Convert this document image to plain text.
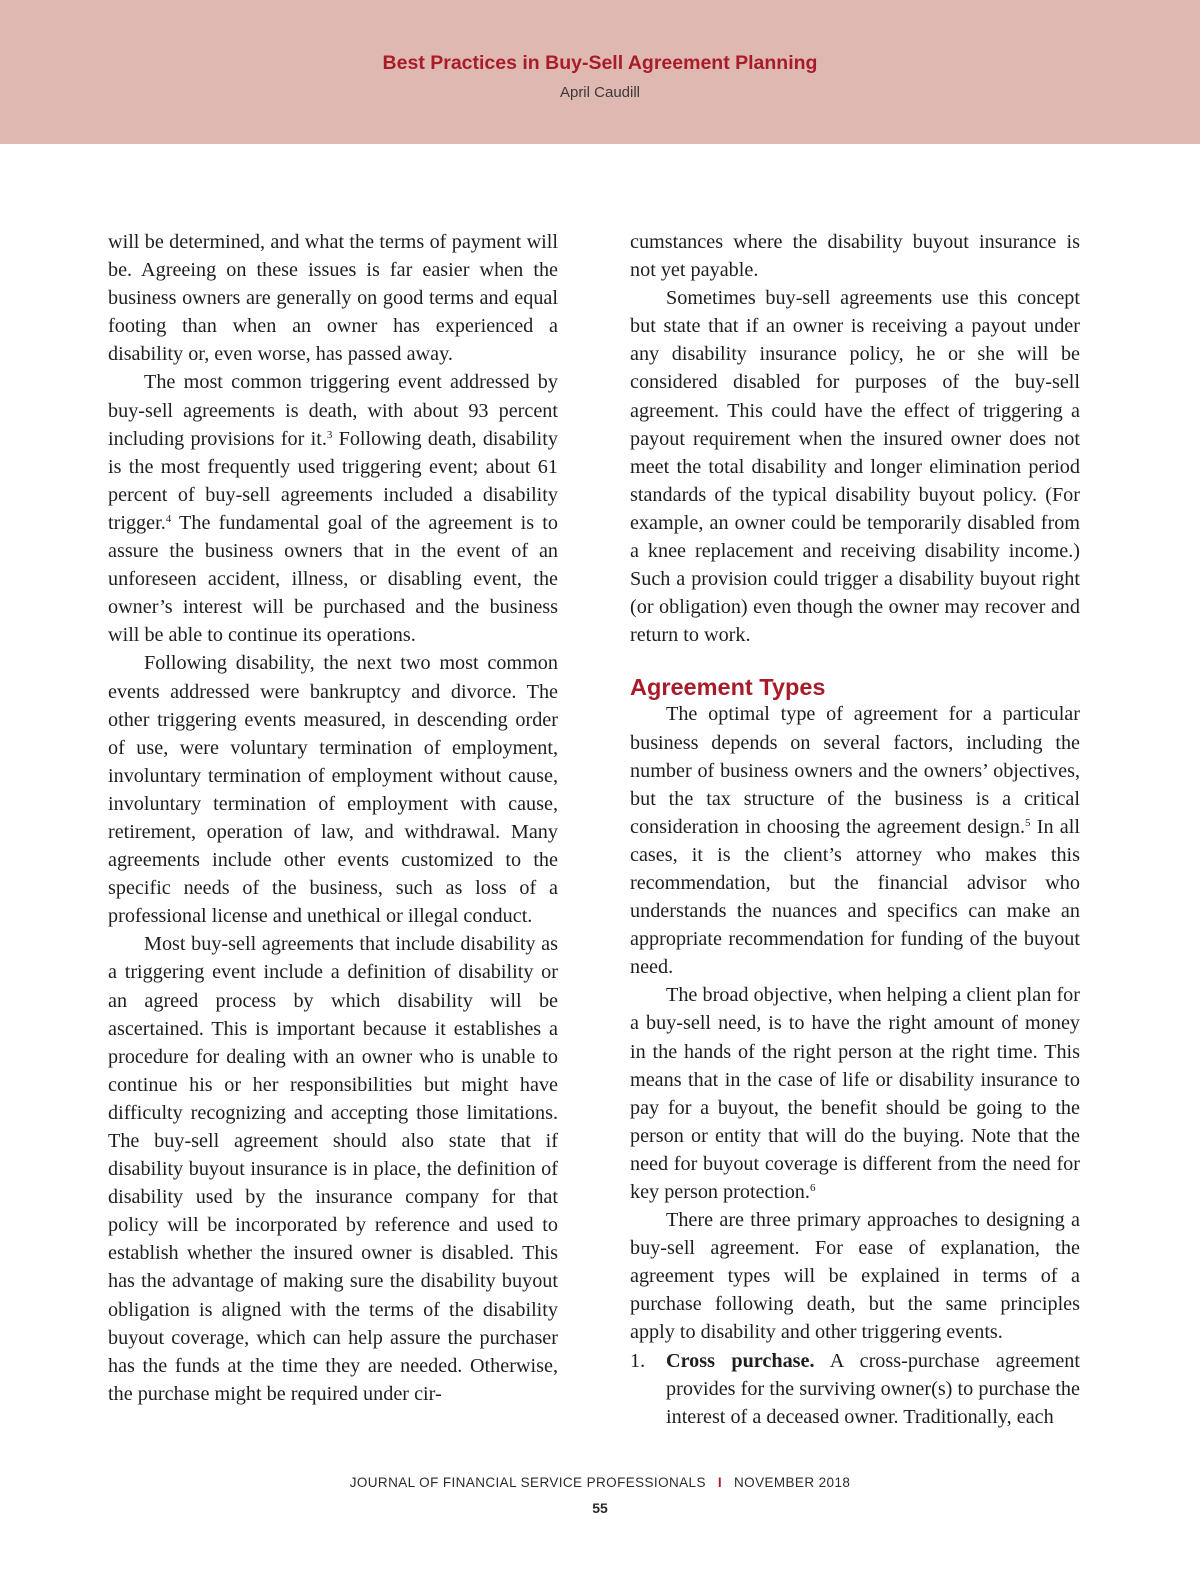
Best Practices in Buy-Sell Agreement Planning
April Caudill

will be determined, and what the terms of payment will be. Agreeing on these issues is far easier when the business owners are generally on good terms and equal footing than when an owner has experienced a disability or, even worse, has passed away.

The most common triggering event addressed by buy-sell agreements is death, with about 93 percent including provisions for it.$^3$ Following death, disability is the most frequently used triggering event; about 61 percent of buy-sell agreements included a disability trigger.$^4$ The fundamental goal of the agreement is to assure the business owners that in the event of an unforeseen accident, illness, or disabling event, the owner’s interest will be purchased and the business will be able to continue its operations.

Following disability, the next two most common events addressed were bankruptcy and divorce. The other triggering events measured, in descending order of use, were voluntary termination of employment, involuntary termination of employment without cause, involuntary termination of employment with cause, retirement, operation of law, and withdrawal. Many agreements include other events customized to the specific needs of the business, such as loss of a professional license and unethical or illegal conduct.

Most buy-sell agreements that include disability as a triggering event include a definition of disability or an agreed process by which disability will be ascertained. This is important because it establishes a procedure for dealing with an owner who is unable to continue his or her responsibilities but might have difficulty recognizing and accepting those limitations. The buy-sell agreement should also state that if disability buyout insurance is in place, the definition of disability used by the insurance company for that policy will be incorporated by reference and used to establish whether the insured owner is disabled. This has the advantage of making sure the disability buyout obligation is aligned with the terms of the disability buyout coverage, which can help assure the purchaser has the funds at the time they are needed. Otherwise, the purchase might be required under cir-

cumstances where the disability buyout insurance is not yet payable.

Sometimes buy-sell agreements use this concept but state that if an owner is receiving a payout under any disability insurance policy, he or she will be considered disabled for purposes of the buy-sell agreement. This could have the effect of triggering a payout requirement when the insured owner does not meet the total disability and longer elimination period standards of the typical disability buyout policy. (For example, an owner could be temporarily disabled from a knee replacement and receiving disability income.) Such a provision could trigger a disability buyout right (or obligation) even though the owner may recover and return to work.

Agreement Types

The optimal type of agreement for a particular business depends on several factors, including the number of business owners and the owners’ objectives, but the tax structure of the business is a critical consideration in choosing the agreement design.$^5$ In all cases, it is the client’s attorney who makes this recommendation, but the financial advisor who understands the nuances and specifics can make an appropriate recommendation for funding of the buyout need.

The broad objective, when helping a client plan for a buy-sell need, is to have the right amount of money in the hands of the right person at the right time. This means that in the case of life or disability insurance to pay for a buyout, the benefit should be going to the person or entity that will do the buying. Note that the need for buyout coverage is different from the need for key person protection.$^6$

There are three primary approaches to designing a buy-sell agreement. For ease of explanation, the agreement types will be explained in terms of a purchase following death, but the same principles apply to disability and other triggering events.

1. Cross purchase. A cross-purchase agreement provides for the surviving owner(s) to purchase the interest of a deceased owner. Traditionally, each

JOURNAL OF FINANCIAL SERVICE PROFESSIONALS I NOVEMBER 2018
55
